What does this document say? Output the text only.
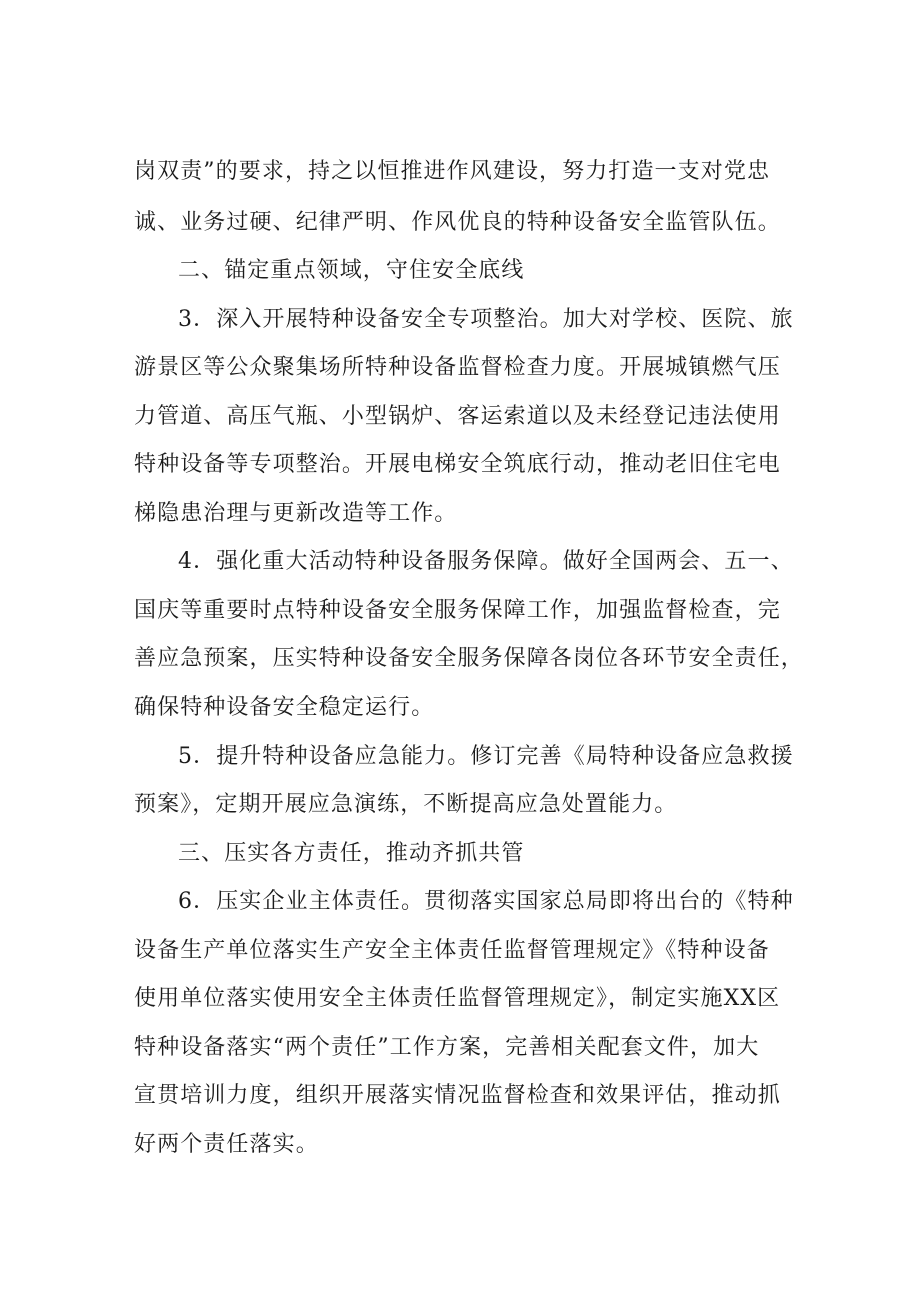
岗双责”的要求，持之以恒推进作风建设，努力打造一支对党忠
诚、业务过硬、纪律严明、作风优良的特种设备安全监管队伍。
二、锚定重点领域，守住安全底线
3．深入开展特种设备安全专项整治。加大对学校、医院、旅
游景区等公众聚集场所特种设备监督检查力度。开展城镇燃气压
力管道、高压气瓶、小型锅炉、客运索道以及未经登记违法使用
特种设备等专项整治。开展电梯安全筑底行动，推动老旧住宅电
梯隐患治理与更新改造等工作。
4．强化重大活动特种设备服务保障。做好全国两会、五一、
国庆等重要时点特种设备安全服务保障工作，加强监督检查，完
善应急预案，压实特种设备安全服务保障各岗位各环节安全责任，
确保特种设备安全稳定运行。
5．提升特种设备应急能力。修订完善《局特种设备应急救援
预案》，定期开展应急演练，不断提高应急处置能力。
三、压实各方责任，推动齐抓共管
6．压实企业主体责任。贯彻落实国家总局即将出台的《特种
设备生产单位落实生产安全主体责任监督管理规定》《特种设备
使用单位落实使用安全主体责任监督管理规定》，制定实施XX区
特种设备落实“两个责任”工作方案，完善相关配套文件，加大
宣贯培训力度，组织开展落实情况监督检查和效果评估，推动抓
好两个责任落实。
